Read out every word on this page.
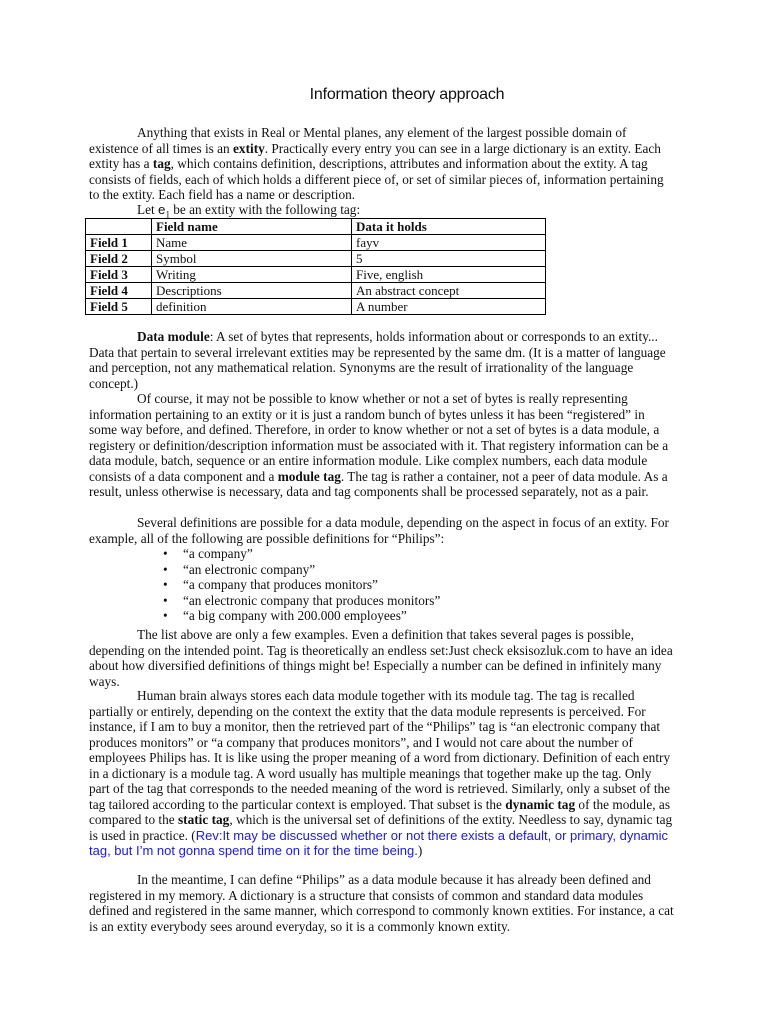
Information theory approach

Anything that exists in Real or Mental planes, any element of the largest possible domain of existence of all times is an extity. Practically every entry you can see in a large dictionary is an extity. Each extity has a tag, which contains definition, descriptions, attributes and information about the extity. A tag consists of fields, each of which holds a different piece of, or set of similar pieces of, information pertaining to the extity. Each field has a name or description.

Let $e_1$ be an extity with the following tag:

	Field name	Data it holds
Field 1	Name	fayv
Field 2	Symbol	5
Field 3	Writing	Five, english
Field 4	Descriptions	An abstract concept
Field 5	definition	A number

Data module: A set of bytes that represents, holds information about or corresponds to an extity... Data that pertain to several irrelevant extities may be represented by the same dm. (It is a matter of language and perception, not any mathematical relation. Synonyms are the result of irrationality of the language concept.)

Of course, it may not be possible to know whether or not a set of bytes is really representing information pertaining to an extity or it is just a random bunch of bytes unless it has been “registered” in some way before, and defined. Therefore, in order to know whether or not a set of bytes is a data module, a registery or definition/description information must be associated with it. That registery information can be a data module, batch, sequence or an entire information module. Like complex numbers, each data module consists of a data component and a module tag. The tag is rather a container, not a peer of data module. As a result, unless otherwise is necessary, data and tag components shall be processed separately, not as a pair.

Several definitions are possible for a data module, depending on the aspect in focus of an extity. For example, all of the following are possible definitions for “Philips”:

• “a company”
• “an electronic company”
• “a company that produces monitors”
• “an electronic company that produces monitors”
• “a big company with 200.000 employees”

The list above are only a few examples. Even a definition that takes several pages is possible, depending on the intended point. Tag is theoretically an endless set:Just check eksisozluk.com to have an idea about how diversified definitions of things might be! Especially a number can be defined in infinitely many ways.

Human brain always stores each data module together with its module tag. The tag is recalled partially or entirely, depending on the context the extity that the data module represents is perceived. For instance, if I am to buy a monitor, then the retrieved part of the “Philips” tag is “an electronic company that produces monitors” or “a company that produces monitors”, and I would not care about the number of employees Philips has. It is like using the proper meaning of a word from dictionary. Definition of each entry in a dictionary is a module tag. A word usually has multiple meanings that together make up the tag. Only part of the tag that corresponds to the needed meaning of the word is retrieved. Similarly, only a subset of the tag tailored according to the particular context is employed. That subset is the dynamic tag of the module, as compared to the static tag, which is the universal set of definitions of the extity. Needless to say, dynamic tag is used in practice. (Rev:It may be discussed whether or not there exists a default, or primary, dynamic tag, but I’m not gonna spend time on it for the time being.)

In the meantime, I can define “Philips” as a data module because it has already been defined and registered in my memory. A dictionary is a structure that consists of common and standard data modules defined and registered in the same manner, which correspond to commonly known extities. For instance, a cat is an extity everybody sees around everyday, so it is a commonly known extity.
